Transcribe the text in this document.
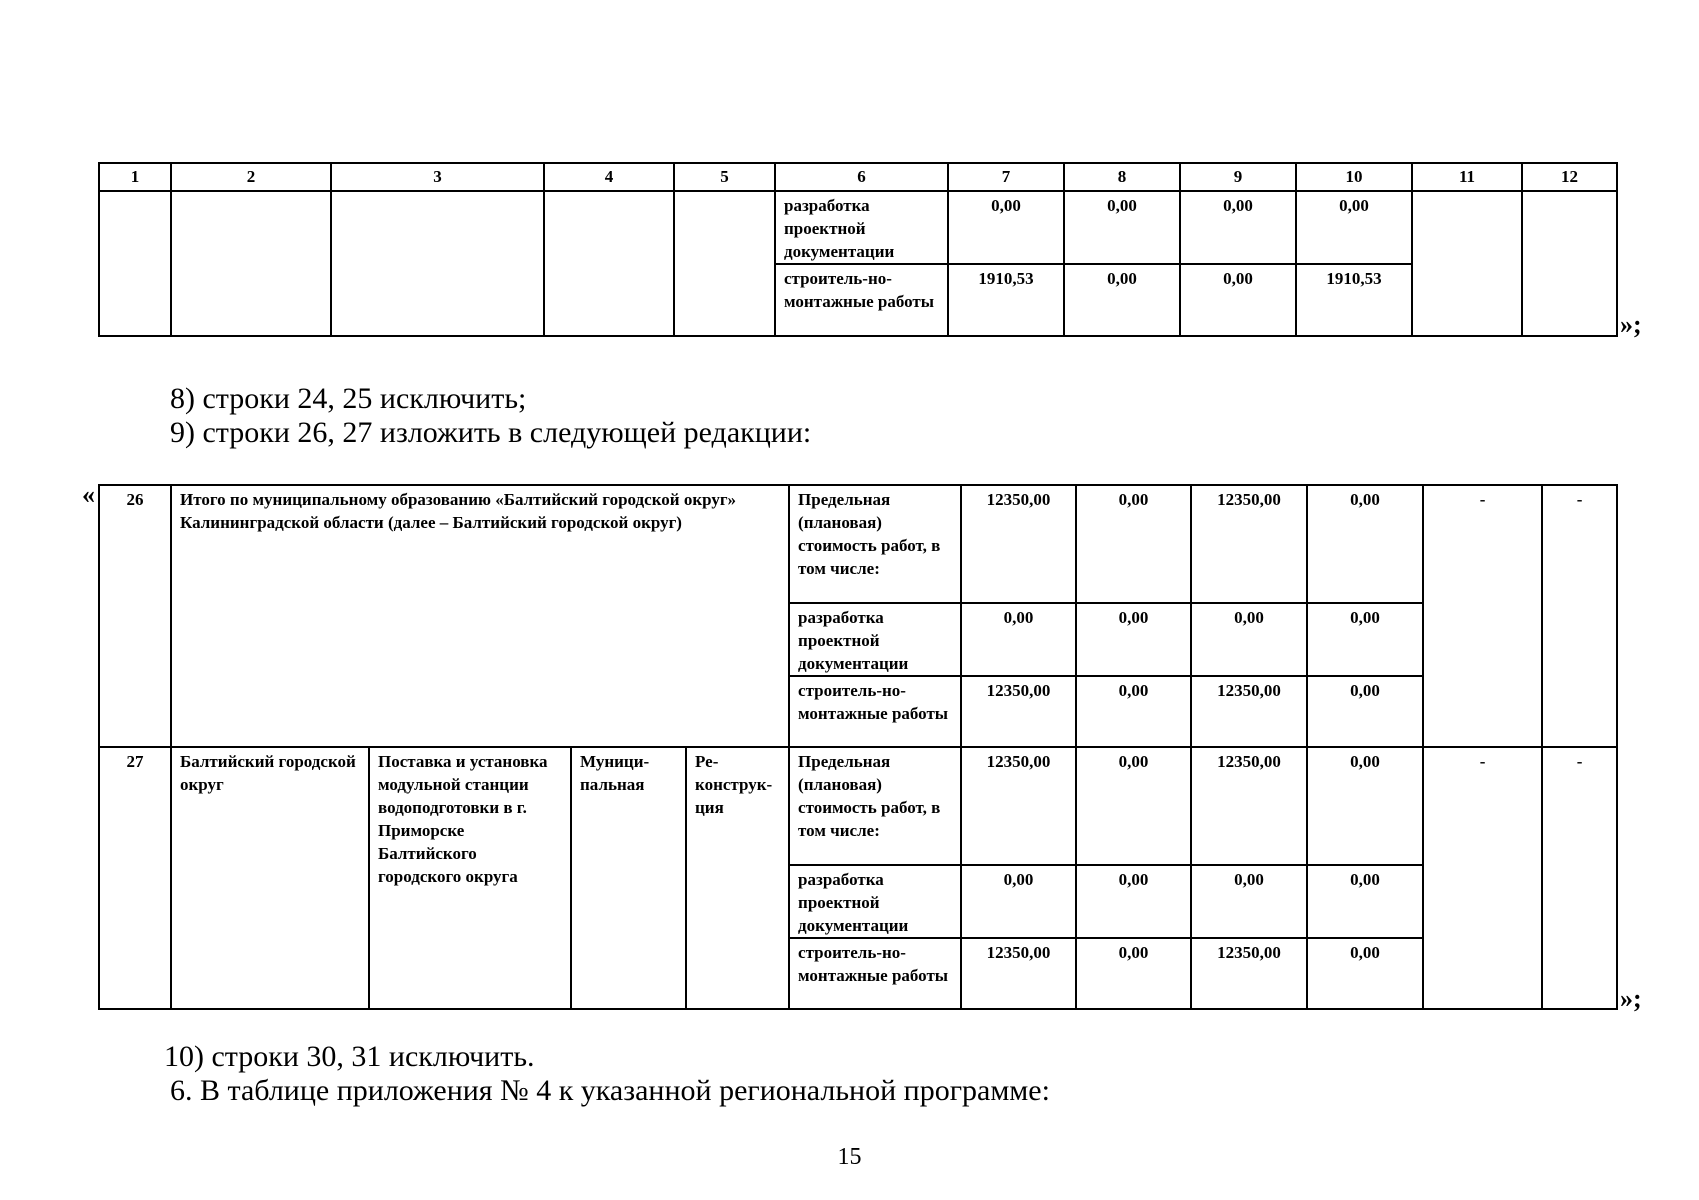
1	2	3	4	5	6	7	8	9	10	11	12
					разработка проектной документации	0,00	0,00	0,00	0,00		
					строитель-но-монтажные работы	1910,53	0,00	0,00	1910,53		
»;
8) строки 24, 25 исключить;
9) строки 26, 27 изложить в следующей редакции:
« 26	Итого по муниципальному образованию «Балтийский городской округ» Калининградской области (далее – Балтийский городской округ)				Предельная (плановая) стоимость работ, в том числе:	12350,00	0,00	12350,00	0,00	-	-
					разработка проектной документации	0,00	0,00	0,00	0,00		
					строитель-но-монтажные работы	12350,00	0,00	12350,00	0,00		
27	Балтийский городской округ	Поставка и установка модульной станции водоподготовки в г. Приморске Балтийского городского округа	Муници-пальная	Ре-конструк-ция	Предельная (плановая) стоимость работ, в том числе:	12350,00	0,00	12350,00	0,00	-	-
					разработка проектной документации	0,00	0,00	0,00	0,00		
					строитель-но-монтажные работы	12350,00	0,00	12350,00	0,00		
»;
10) строки 30, 31 исключить.
6. В таблице приложения № 4 к указанной региональной программе:
15
